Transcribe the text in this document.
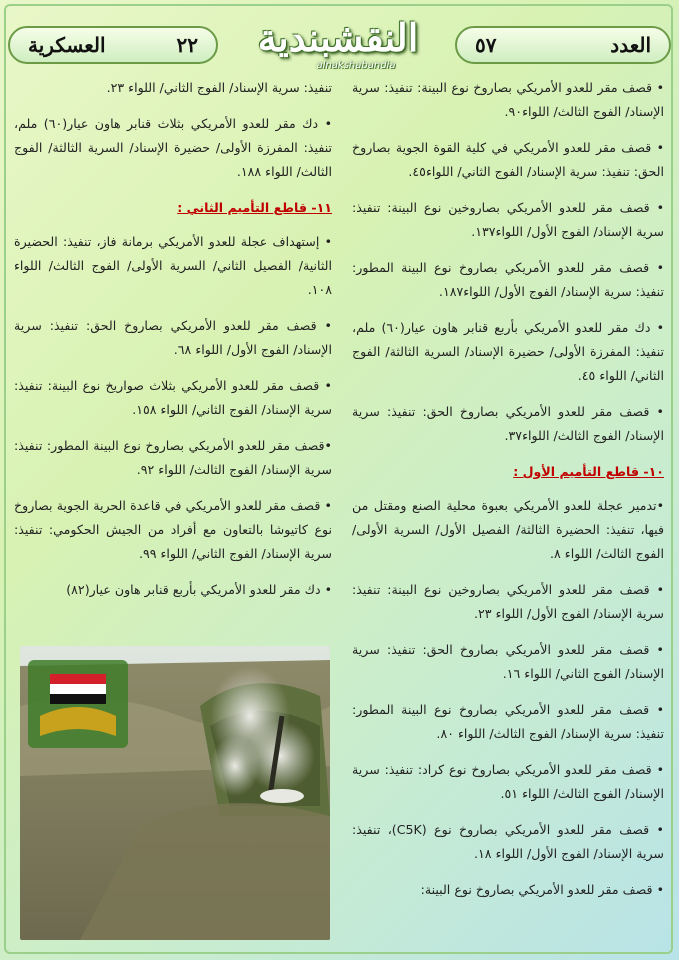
العدد
٥٧
النقشبندية
alnakshabandia
٢٢
العسكرية
• قصف مقر للعدو الأمريكي بصاروخ نوع البينة: تنفيذ: سرية الإسناد/ الفوج الثالث/ اللواء٩٠.
• قصف مقر للعدو الأمريكي في كلية القوة الجوية بصاروخ الحق: تنفيذ: سرية الإسناد/ الفوج الثاني/ اللواء٤٥.
• قصف مقر للعدو الأمريكي بصاروخين نوع البينة: تنفيذ: سرية الإسناد/ الفوج الأول/ اللواء١٣٧.
• قصف مقر للعدو الأمريكي بصاروخ نوع البينة المطور: تنفيذ: سرية الإسناد/ الفوج الأول/ اللواء١٨٧.
• دك مقر للعدو الأمريكي بأربع قنابر هاون عيار(٦٠) ملم، تنفيذ: المفرزة الأولى/ حضيرة الإسناد/ السرية الثالثة/ الفوج الثاني/ اللواء ٤٥.
• قصف مقر للعدو الأمريكي بصاروخ الحق: تنفيذ: سرية الإسناد/ الفوج الثالث/ اللواء٣٧.
١٠- قاطع التأميم الأول :
•تدمير عجلة للعدو الأمريكي بعبوة محلية الصنع ومقتل من فيها، تنفيذ: الحضيرة الثالثة/ الفصيل الأول/ السرية الأولى/ الفوج الثالث/ اللواء ٨.
• قصف مقر للعدو الأمريكي بصاروخين نوع البينة: تنفيذ: سرية الإسناد/ الفوج الأول/ اللواء ٢٣.
• قصف مقر للعدو الأمريكي بصاروخ الحق: تنفيذ: سرية الإسناد/ الفوج الثاني/ اللواء ١٦.
• قصف مقر للعدو الأمريكي بصاروخ نوع البينة المطور: تنفيذ: سرية الإسناد/ الفوج الثالث/ اللواء ٨٠.
• قصف مقر للعدو الأمريكي بصاروخ نوع كراد: تنفيذ: سرية الإسناد/ الفوج الثالث/ اللواء ٥١.
• قصف مقر للعدو الأمريكي بصاروخ نوع (C5K)، تنفيذ: سرية الإسناد/ الفوج الأول/ اللواء ١٨.
• قصف مقر للعدو الأمريكي بصاروخ نوع البينة:
تنفيذ: سرية الإسناد/ الفوج الثاني/ اللواء ٢٣.
• دك مقر للعدو الأمريكي بثلاث قنابر هاون عيار(٦٠) ملم، تنفيذ: المفرزة الأولى/ حضيرة الإسناد/ السرية الثالثة/ الفوج الثالث/ اللواء ١٨٨.
١١- قاطع التأميم الثاني :
• إستهداف عجلة للعدو الأمريكي برمانة فاز، تنفيذ: الحضيرة الثانية/ الفصيل الثاني/ السرية الأولى/ الفوج الثالث/ اللواء ١٠٨.
• قصف مقر للعدو الأمريكي بصاروخ الحق: تنفيذ: سرية الإسناد/ الفوج الأول/ اللواء ٦٨.
• قصف مقر للعدو الأمريكي بثلاث صواريخ نوع البينة: تنفيذ: سرية الإسناد/ الفوج الثاني/ اللواء ١٥٨.
•قصف مقر للعدو الأمريكي بصاروخ نوع البينة المطور: تنفيذ: سرية الإسناد/ الفوج الثالث/ اللواء ٩٢.
• قصف مقر للعدو الأمريكي في قاعدة الحرية الجوية بصاروخ نوع كاتيوشا بالتعاون مع أفراد من الجيش الحكومي: تنفيذ: سرية الإسناد/ الفوج الثاني/ اللواء ٩٩.
• دك مقر للعدو الأمريكي بأربع قنابر هاون عيار(٨٢)
